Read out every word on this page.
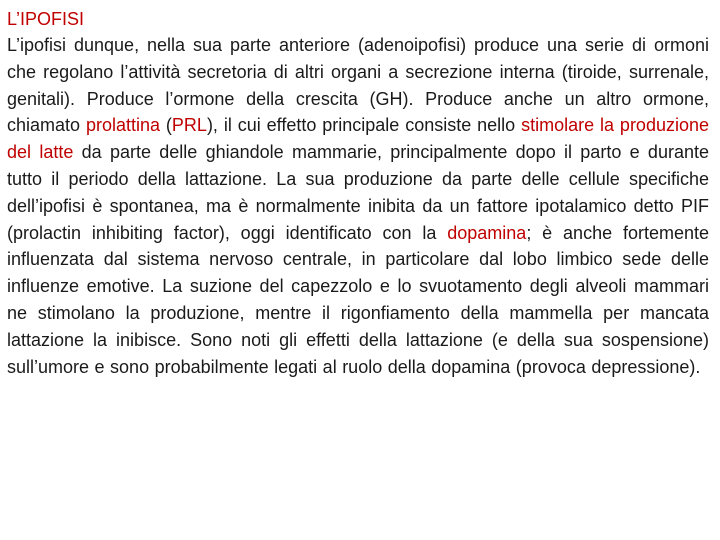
L’IPOFISI

L’ipofisi dunque, nella sua parte anteriore (adenoipofisi) produce una serie di ormoni che regolano l’attività secretoria di altri organi a secrezione interna (tiroide, surrenale, genitali). Produce l’ormone della crescita (GH). Produce anche un altro ormone, chiamato prolattina (PRL), il cui effetto principale consiste nello stimolare la produzione del latte da parte delle ghiandole mammarie, principalmente dopo il parto e durante tutto il periodo della lattazione. La sua produzione da parte delle cellule specifiche dell’ipofisi è spontanea, ma è normalmente inibita da un fattore ipotalamico detto PIF (prolactin inhibiting factor), oggi identificato con la dopamina; è anche fortemente influenzata dal sistema nervoso centrale, in particolare dal lobo limbico sede delle influenze emotive. La suzione del capezzolo e lo svuotamento degli alveoli mammari ne stimolano la produzione, mentre il rigonfiamento della mammella per mancata lattazione la inibisce. Sono noti gli effetti della lattazione (e della sua sospensione) sull’umore e sono probabilmente legati al ruolo della dopamina (provoca depressione).
